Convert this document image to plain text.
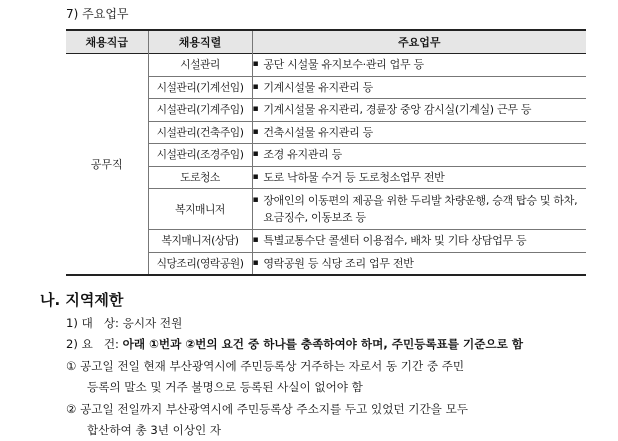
7) 주요업무
채용직급	채용직렬	주요업무
공무직	시설관리	▪ 공단 시설물 유지보수·관리 업무 등

	시설관리(기계선임)	▪ 기계시설물 유지관리 등

	시설관리(기계주임)	▪ 기계시설물 유지관리, 경륜장 중앙 감시실(기계실) 근무 등

	시설관리(건축주임)	▪ 건축시설물 유지관리 등

	시설관리(조경주임)	▪ 조경 유지관리 등

	도로청소	▪ 도로 낙하물 수거 등 도로청소업무 전반

	복지매니저	▪ 장애인의 이동편의 제공을 위한 두리발 차량운행, 승객 탑승 및 하차, 요금징수, 이동보조 등

	복지매니저(상담)	▪ 특별교통수단 콜센터 이용접수, 배차 및 기타 상담업무 등

	식당조리(영락공원)	▪ 영락공원 등 식당 조리 업무 전반
나. 지역제한
1) 대   상: 응시자 전원
2) 요   건: 아래 ①번과 ②번의 요건 중 하나를 충족하여야 하며, 주민등록표를 기준으로 함
① 공고일 전일 현재 부산광역시에 주민등록상 거주하는 자로서 동 기간 중 주민
등록의 말소 및 거주 불명으로 등록된 사실이 없어야 함
② 공고일 전일까지 부산광역시에 주민등록상 주소지를 두고 있었던 기간을 모두
합산하여 총 3년 이상인 자
